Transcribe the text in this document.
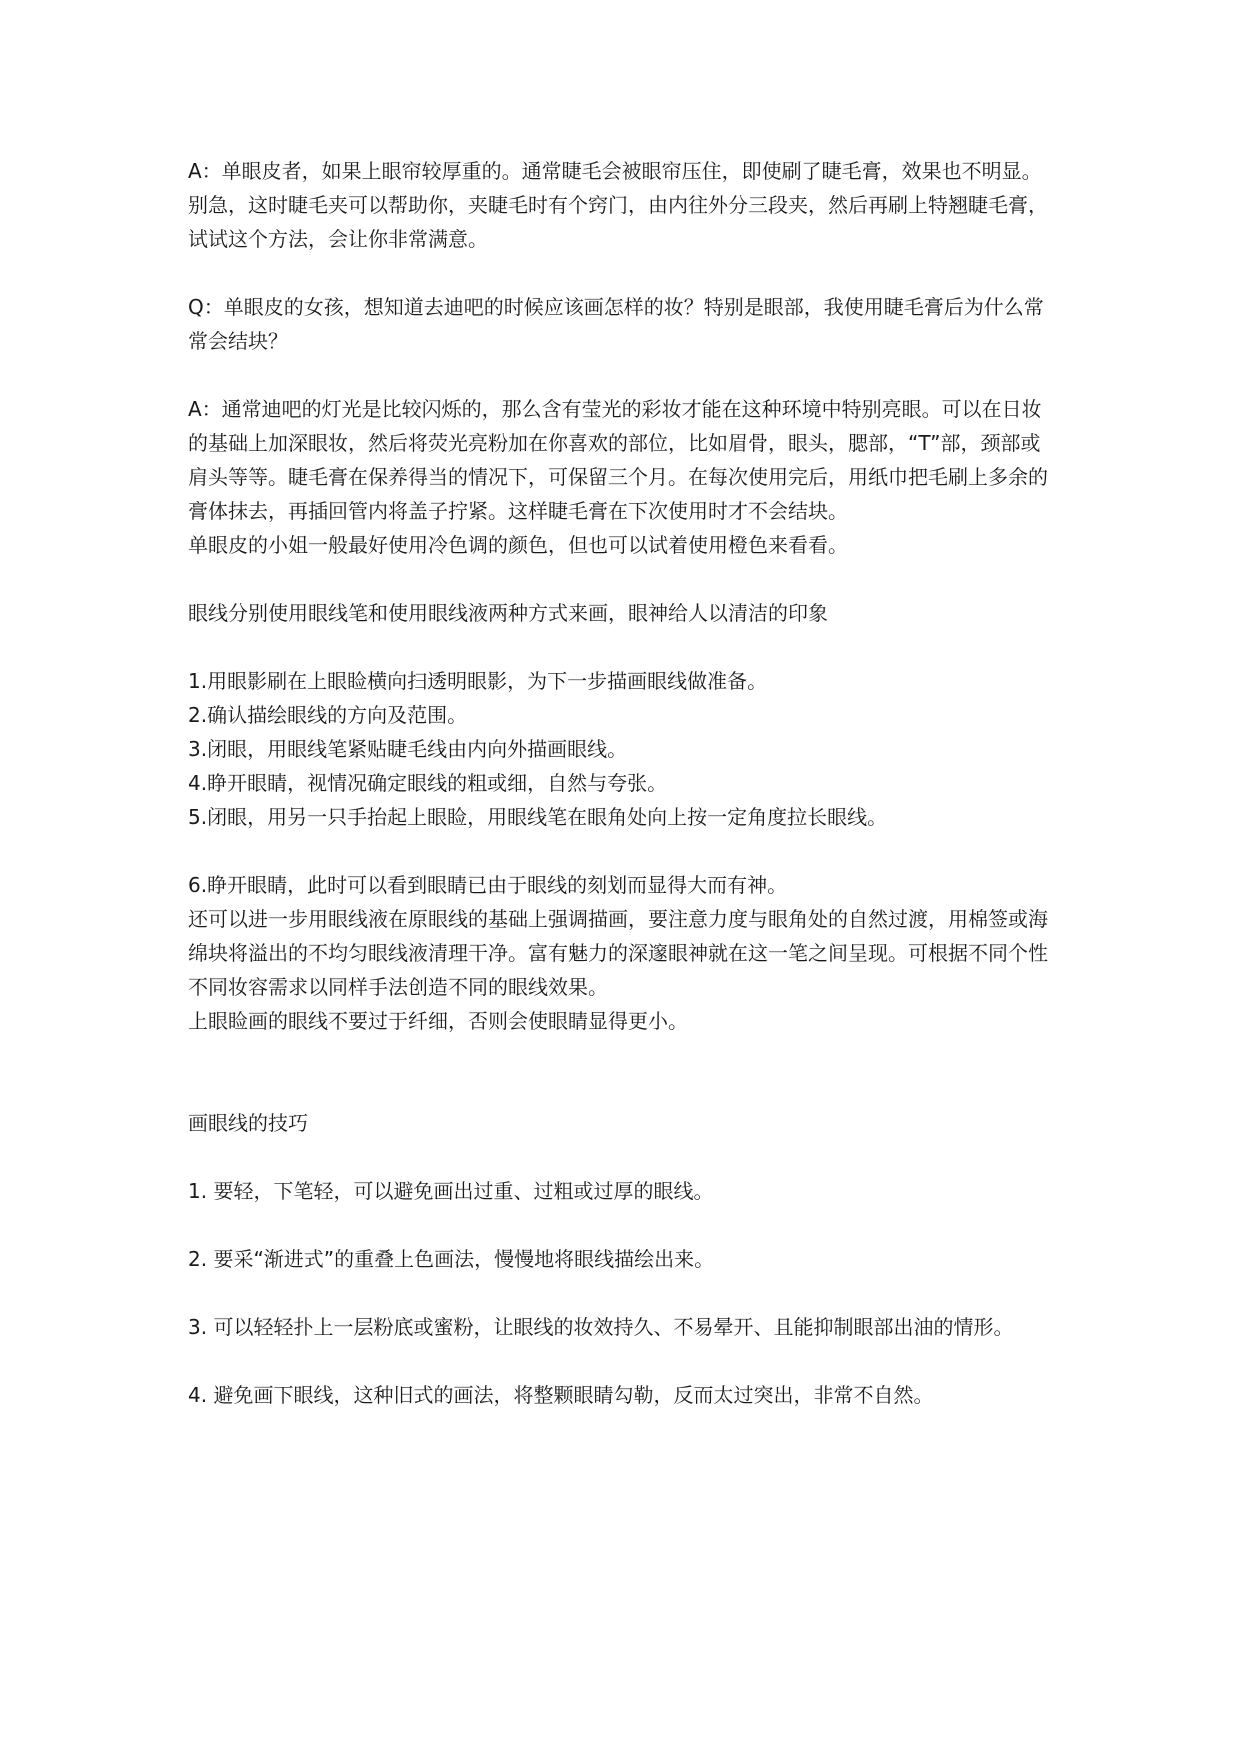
A：单眼皮者，如果上眼帘较厚重的。通常睫毛会被眼帘压住，即使刷了睫毛膏，效果也不明显。别急，这时睫毛夹可以帮助你，夹睫毛时有个窍门，由内往外分三段夹，然后再刷上特翘睫毛膏，试试这个方法，会让你非常满意。

Q：单眼皮的女孩，想知道去迪吧的时候应该画怎样的妆？特别是眼部，我使用睫毛膏后为什么常常会结块？

A：通常迪吧的灯光是比较闪烁的，那么含有莹光的彩妆才能在这种环境中特别亮眼。可以在日妆的基础上加深眼妆，然后将荧光亮粉加在你喜欢的部位，比如眉骨，眼头，腮部，“T”部，颈部或肩头等等。睫毛膏在保养得当的情况下，可保留三个月。在每次使用完后，用纸巾把毛刷上多余的膏体抹去，再插回管内将盖子拧紧。这样睫毛膏在下次使用时才不会结块。

单眼皮的小姐一般最好使用冷色调的颜色，但也可以试着使用橙色来看看。

眼线分别使用眼线笔和使用眼线液两种方式来画，眼神给人以清洁的印象

1.用眼影刷在上眼睑横向扫透明眼影，为下一步描画眼线做准备。

2.确认描绘眼线的方向及范围。

3.闭眼，用眼线笔紧贴睫毛线由内向外描画眼线。

4.睁开眼睛，视情况确定眼线的粗或细，自然与夸张。

5.闭眼，用另一只手抬起上眼睑，用眼线笔在眼角处向上按一定角度拉长眼线。

6.睁开眼睛，此时可以看到眼睛已由于眼线的刻划而显得大而有神。

还可以进一步用眼线液在原眼线的基础上强调描画，要注意力度与眼角处的自然过渡，用棉签或海绵块将溢出的不均匀眼线液清理干净。富有魅力的深邃眼神就在这一笔之间呈现。可根据不同个性不同妆容需求以同样手法创造不同的眼线效果。

上眼睑画的眼线不要过于纤细，否则会使眼睛显得更小。

画眼线的技巧

1. 要轻，下笔轻，可以避免画出过重、过粗或过厚的眼线。

2. 要采“渐进式”的重叠上色画法，慢慢地将眼线描绘出来。

3. 可以轻轻扑上一层粉底或蜜粉，让眼线的妆效持久、不易晕开、且能抑制眼部出油的情形。

4. 避免画下眼线，这种旧式的画法，将整颗眼睛勾勒，反而太过突出，非常不自然。
